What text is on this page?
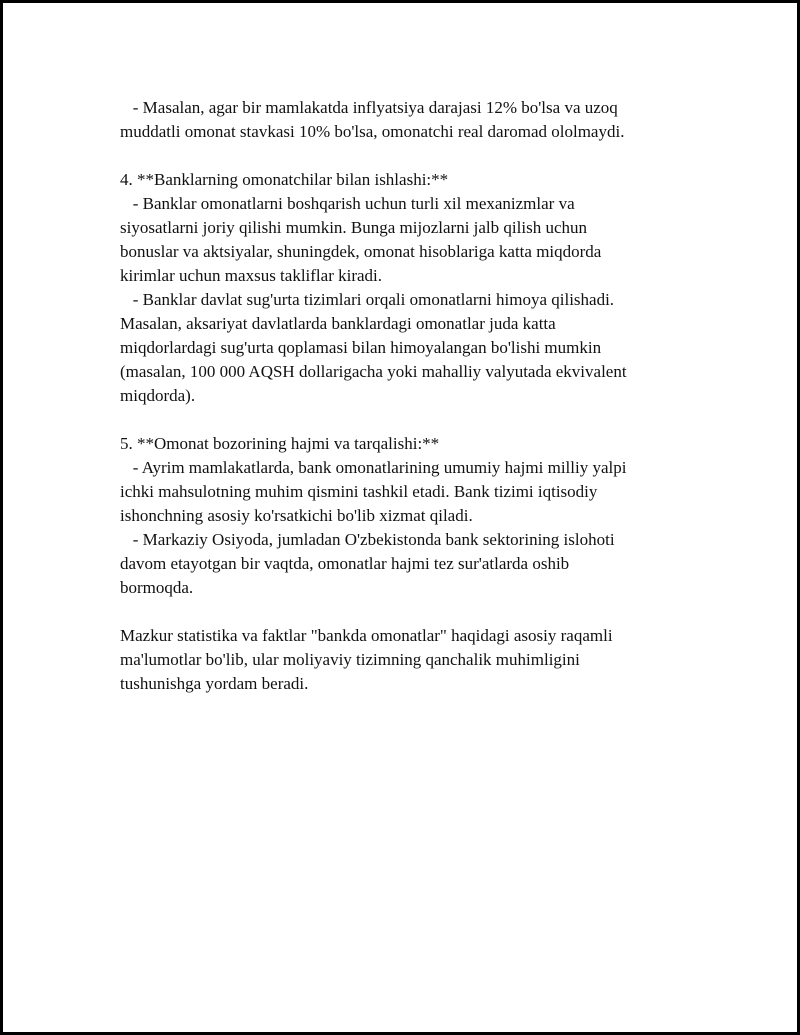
- Masalan, agar bir mamlakatda inflyatsiya darajasi 12% bo'lsa va uzoq
muddatli omonat stavkasi 10% bo'lsa, omonatchi real daromad ololmaydi.
4. **Banklarning omonatchilar bilan ishlashi:**
- Banklar omonatlarni boshqarish uchun turli xil mexanizmlar va
siyosatlarni joriy qilishi mumkin. Bunga mijozlarni jalb qilish uchun
bonuslar va aktsiyalar, shuningdek, omonat hisoblariga katta miqdorda
kirimlar uchun maxsus takliflar kiradi.
- Banklar davlat sug'urta tizimlari orqali omonatlarni himoya qilishadi.
Masalan, aksariyat davlatlarda banklardagi omonatlar juda katta
miqdorlardagi sug'urta qoplamasi bilan himoyalangan bo'lishi mumkin
(masalan, 100 000 AQSH dollarigacha yoki mahalliy valyutada ekvivalent
miqdorda).
5. **Omonat bozorining hajmi va tarqalishi:**
- Ayrim mamlakatlarda, bank omonatlarining umumiy hajmi milliy yalpi
ichki mahsulotning muhim qismini tashkil etadi. Bank tizimi iqtisodiy
ishonchning asosiy ko'rsatkichi bo'lib xizmat qiladi.
- Markaziy Osiyoda, jumladan O'zbekistonda bank sektorining islohoti
davom etayotgan bir vaqtda, omonatlar hajmi tez sur'atlarda oshib
bormoqda.
Mazkur statistika va faktlar "bankda omonatlar" haqidagi asosiy raqamli
ma'lumotlar bo'lib, ular moliyaviy tizimning qanchalik muhimligini
tushunishga yordam beradi.
